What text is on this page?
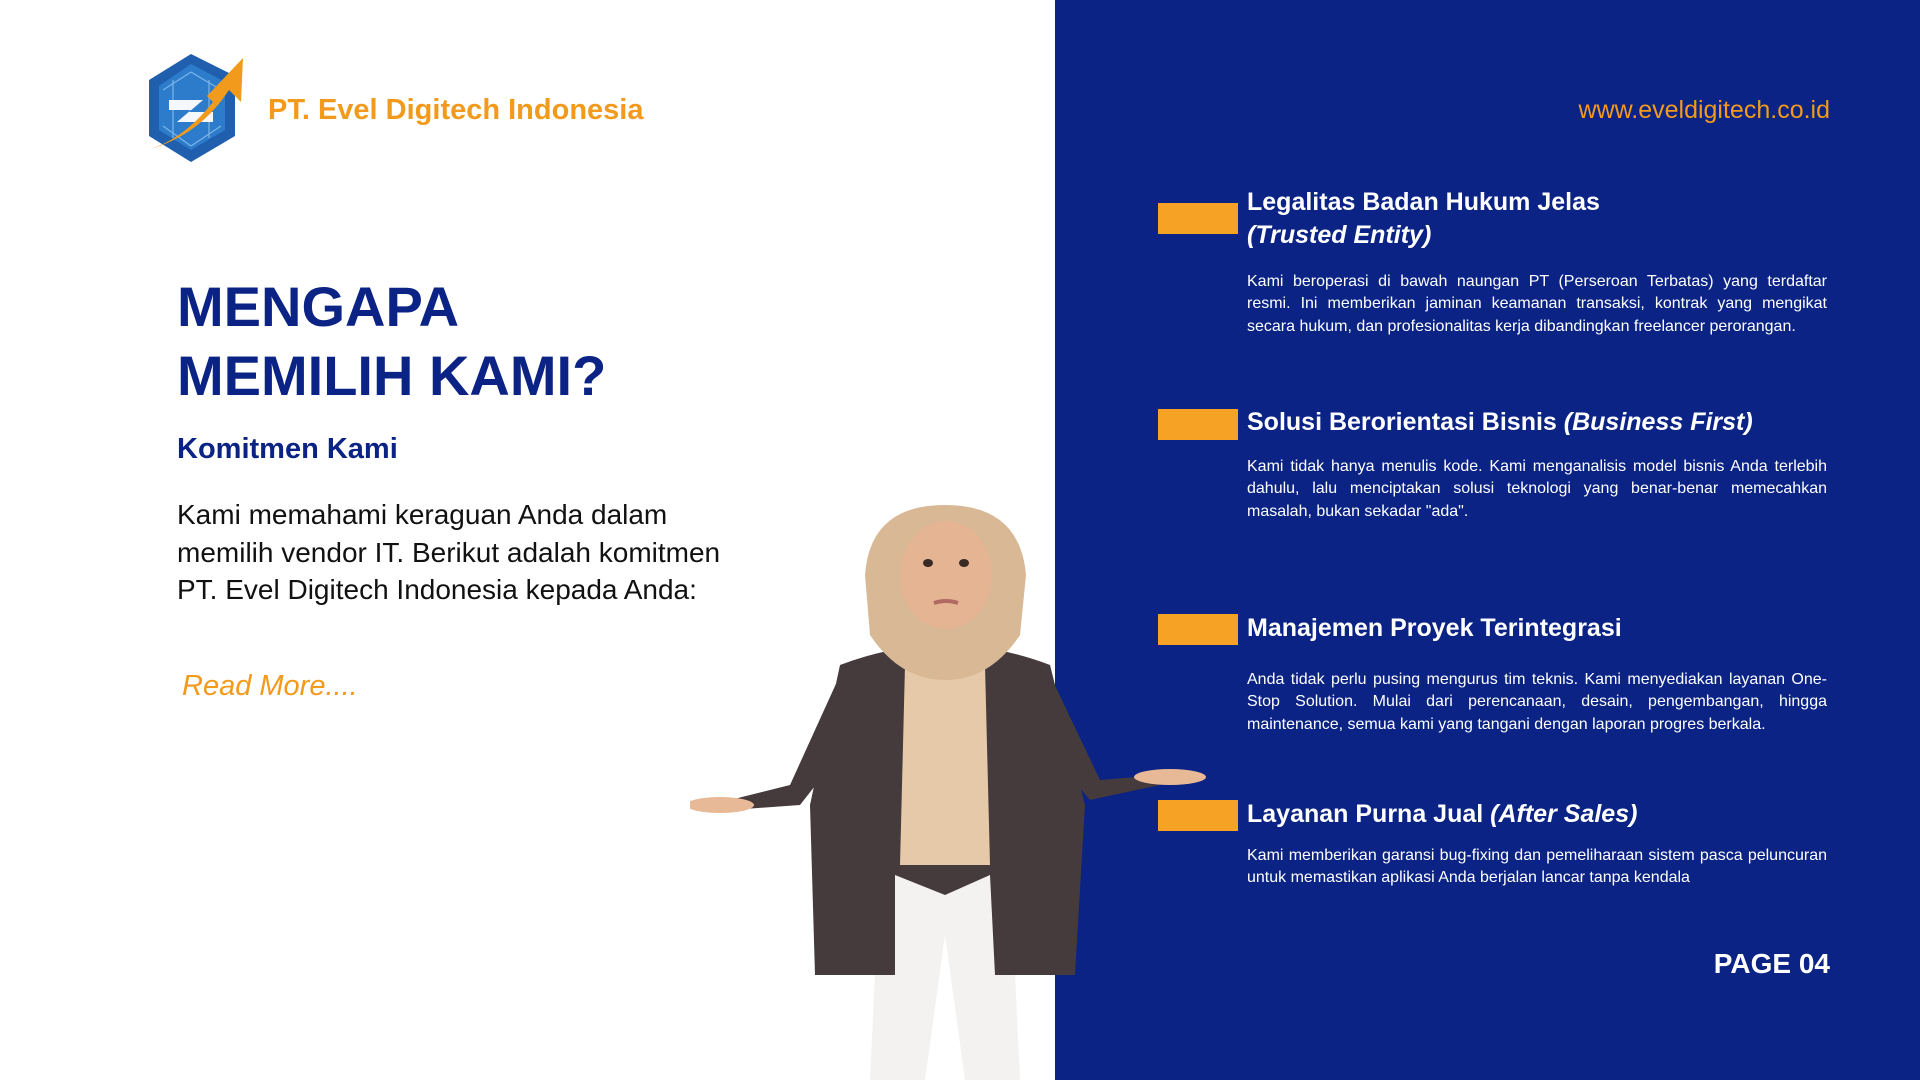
PT. Evel Digitech Indonesia
MENGAPA
MEMILIH KAMI?
Komitmen Kami
Kami memahami keraguan Anda dalam memilih vendor IT. Berikut adalah komitmen PT. Evel Digitech Indonesia kepada Anda:
Read More....
www.eveldigitech.co.id
Legalitas Badan Hukum Jelas
(Trusted Entity)

Kami beroperasi di bawah naungan PT (Perseroan Terbatas) yang terdaftar resmi. Ini memberikan jaminan keamanan transaksi, kontrak yang mengikat secara hukum, dan profesionalitas kerja dibandingkan freelancer perorangan.

Solusi Berorientasi Bisnis (Business First)

Kami tidak hanya menulis kode. Kami menganalisis model bisnis Anda terlebih dahulu, lalu menciptakan solusi teknologi yang benar-benar memecahkan masalah, bukan sekadar "ada".

Manajemen Proyek Terintegrasi

Anda tidak perlu pusing mengurus tim teknis. Kami menyediakan layanan One-Stop Solution. Mulai dari perencanaan, desain, pengembangan, hingga maintenance, semua kami yang tangani dengan laporan progres berkala.

Layanan Purna Jual (After Sales)

Kami memberikan garansi bug-fixing dan pemeliharaan sistem pasca peluncuran untuk memastikan aplikasi Anda berjalan lancar tanpa kendala

PAGE 04
